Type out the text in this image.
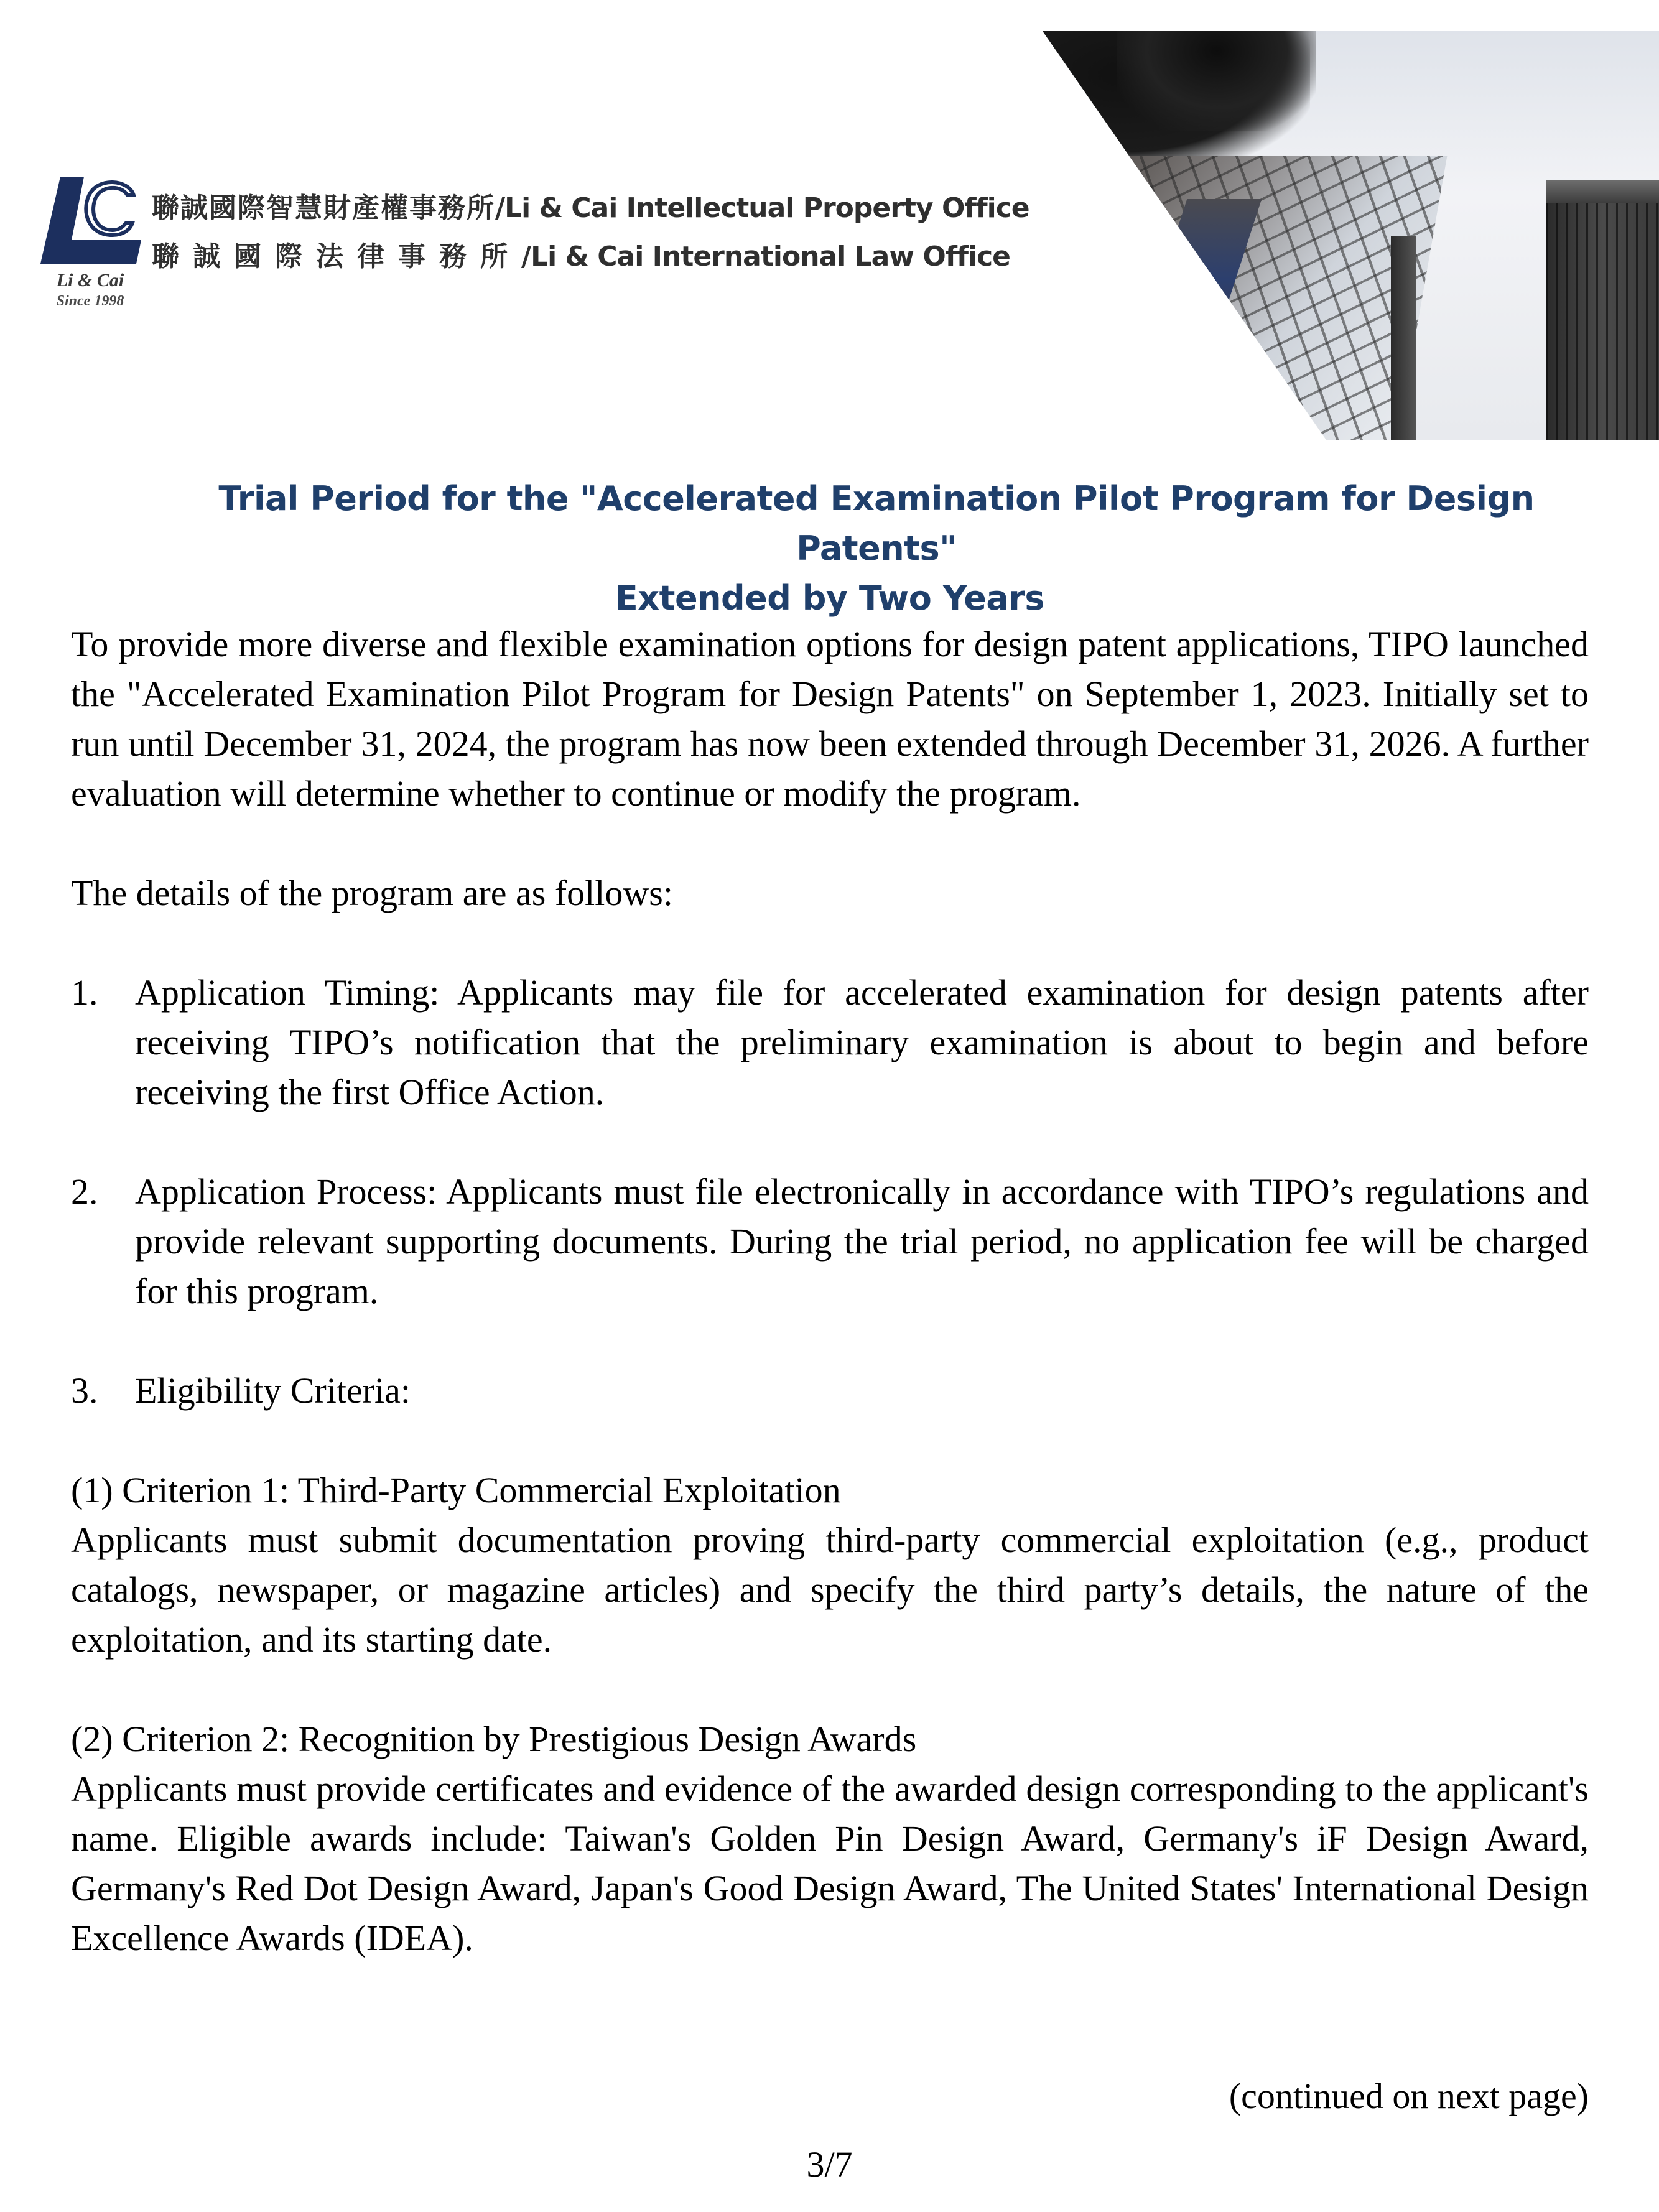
Li & Cai
Since 1998
聯誠國際智慧財產權事務所/Li & Cai Intellectual Property Office
聯誠國際法律事務所/Li & Cai International Law Office
Trial Period for the "Accelerated Examination Pilot Program for Design Patents"
Extended by Two Years

To provide more diverse and flexible examination options for design patent applications, TIPO launched the "Accelerated Examination Pilot Program for Design Patents" on September 1, 2023. Initially set to run until December 31, 2024, the program has now been extended through December 31, 2026. A further evaluation will determine whether to continue or modify the program.

The details of the program are as follows:

1. Application Timing: Applicants may file for accelerated examination for design patents after receiving TIPO’s notification that the preliminary examination is about to begin and before receiving the first Office Action.
2. Application Process: Applicants must file electronically in accordance with TIPO’s regulations and provide relevant supporting documents. During the trial period, no application fee will be charged for this program.
3. Eligibility Criteria:

(1) Criterion 1: Third-Party Commercial Exploitation

Applicants must submit documentation proving third-party commercial exploitation (e.g., product catalogs, newspaper, or magazine articles) and specify the third party’s details, the nature of the exploitation, and its starting date.

(2) Criterion 2: Recognition by Prestigious Design Awards

Applicants must provide certificates and evidence of the awarded design corresponding to the applicant's name. Eligible awards include: Taiwan's Golden Pin Design Award, Germany's iF Design Award, Germany's Red Dot Design Award, Japan's Good Design Award, The United States' International Design Excellence Awards (IDEA).

(continued on next page)
3/7
